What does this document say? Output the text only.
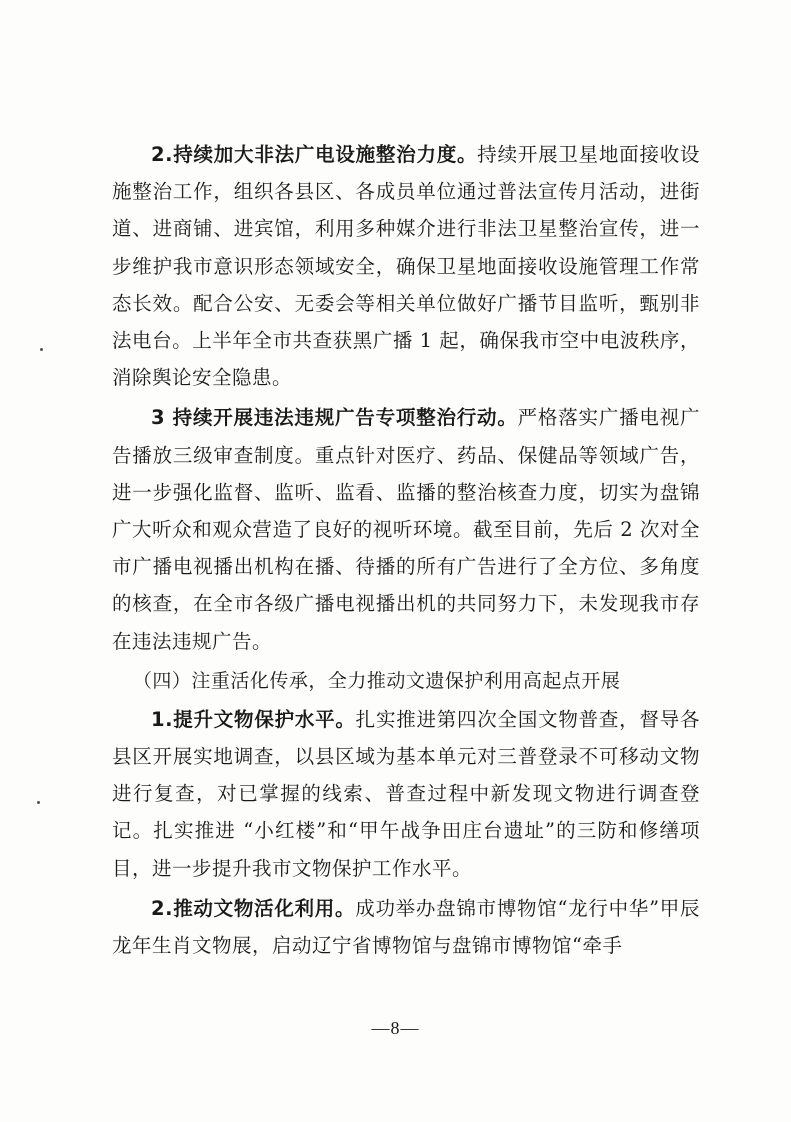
2.持续加大非法广电设施整治力度。持续开展卫星地面接收设施整治工作，组织各县区、各成员单位通过普法宣传月活动，进街道、进商铺、进宾馆，利用多种媒介进行非法卫星整治宣传，进一步维护我市意识形态领域安全，确保卫星地面接收设施管理工作常态长效。配合公安、无委会等相关单位做好广播节目监听，甄别非法电台。上半年全市共查获黑广播 1 起，确保我市空中电波秩序，消除舆论安全隐患。

3 持续开展违法违规广告专项整治行动。严格落实广播电视广告播放三级审查制度。重点针对医疗、药品、保健品等领域广告，进一步强化监督、监听、监看、监播的整治核查力度，切实为盘锦广大听众和观众营造了良好的视听环境。截至目前，先后 2 次对全市广播电视播出机构在播、待播的所有广告进行了全方位、多角度的核查，在全市各级广播电视播出机的共同努力下，未发现我市存在违法违规广告。

（四）注重活化传承，全力推动文遗保护利用高起点开展

1.提升文物保护水平。扎实推进第四次全国文物普查，督导各县区开展实地调查，以县区域为基本单元对三普登录不可移动文物进行复查，对已掌握的线索、普查过程中新发现文物进行调查登记。扎实推进 “小红楼”和“甲午战争田庄台遗址”的三防和修缮项目，进一步提升我市文物保护工作水平。

2.推动文物活化利用。成功举办盘锦市博物馆“龙行中华”甲辰龙年生肖文物展，启动辽宁省博物馆与盘锦市博物馆“牵手

—8—
